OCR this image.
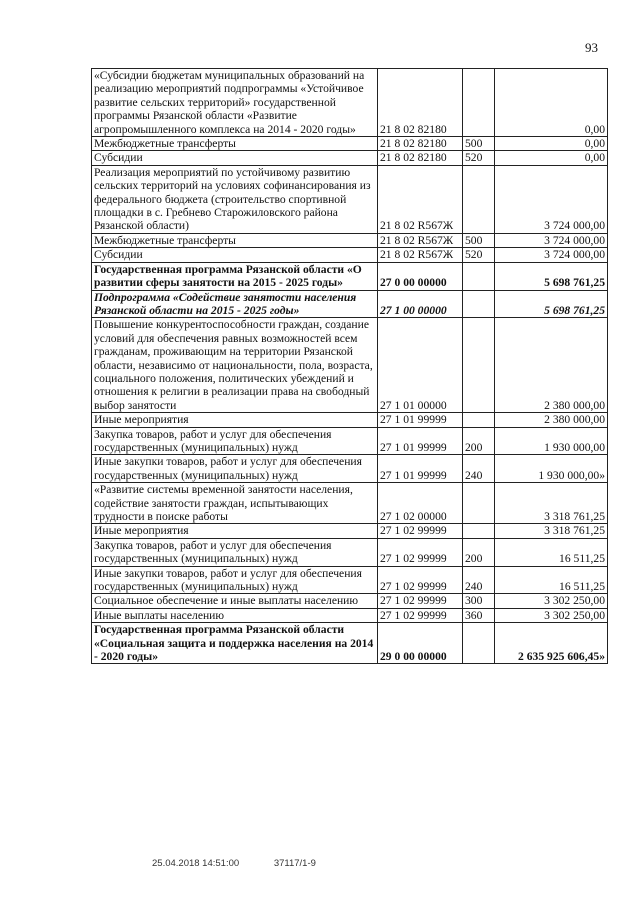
93
«Субсидии бюджетам муниципальных образований на реализацию мероприятий подпрограммы «Устойчивое развитие сельских территорий» государственной программы Рязанской области «Развитие агропромышленного комплекса на 2014 - 2020 годы»	21 8 02 82180		0,00
Межбюджетные трансферты	21 8 02 82180	500	0,00
Субсидии	21 8 02 82180	520	0,00
Реализация мероприятий по устойчивому развитию сельских территорий на условиях софинансирования из федерального бюджета (строительство спортивной площадки в с. Гребнево Старожиловского района Рязанской области)	21 8 02 R567Ж		3 724 000,00
Межбюджетные трансферты	21 8 02 R567Ж	500	3 724 000,00
Субсидии	21 8 02 R567Ж	520	3 724 000,00
Государственная программа Рязанской области «О развитии сферы занятости на 2015 - 2025 годы»	27 0 00 00000		5 698 761,25
Подпрограмма «Содействие занятости населения Рязанской области на 2015 - 2025 годы»	27 1 00 00000		5 698 761,25
Повышение конкурентоспособности граждан, создание условий для обеспечения равных возможностей всем гражданам, проживающим на территории Рязанской области, независимо от национальности, пола, возраста, социального положения, политических убеждений и отношения к религии в реализации права на свободный выбор занятости	27 1 01 00000		2 380 000,00
Иные мероприятия	27 1 01 99999		2 380 000,00
Закупка товаров, работ и услуг для обеспечения государственных (муниципальных) нужд	27 1 01 99999	200	1 930 000,00
Иные закупки товаров, работ и услуг для обеспечения государственных (муниципальных) нужд	27 1 01 99999	240	1 930 000,00»
«Развитие системы временной занятости населения, содействие занятости граждан, испытывающих трудности в поиске работы	27 1 02 00000		3 318 761,25
Иные мероприятия	27 1 02 99999		3 318 761,25
Закупка товаров, работ и услуг для обеспечения государственных (муниципальных) нужд	27 1 02 99999	200	16 511,25
Иные закупки товаров, работ и услуг для обеспечения государственных (муниципальных) нужд	27 1 02 99999	240	16 511,25
Социальное обеспечение и иные выплаты населению	27 1 02 99999	300	3 302 250,00
Иные выплаты населению	27 1 02 99999	360	3 302 250,00
Государственная программа Рязанской области «Социальная защита и поддержка населения на 2014 - 2020 годы»	29 0 00 00000		2 635 925 606,45»
25.04.2018 14:51:00	37117/1-9
